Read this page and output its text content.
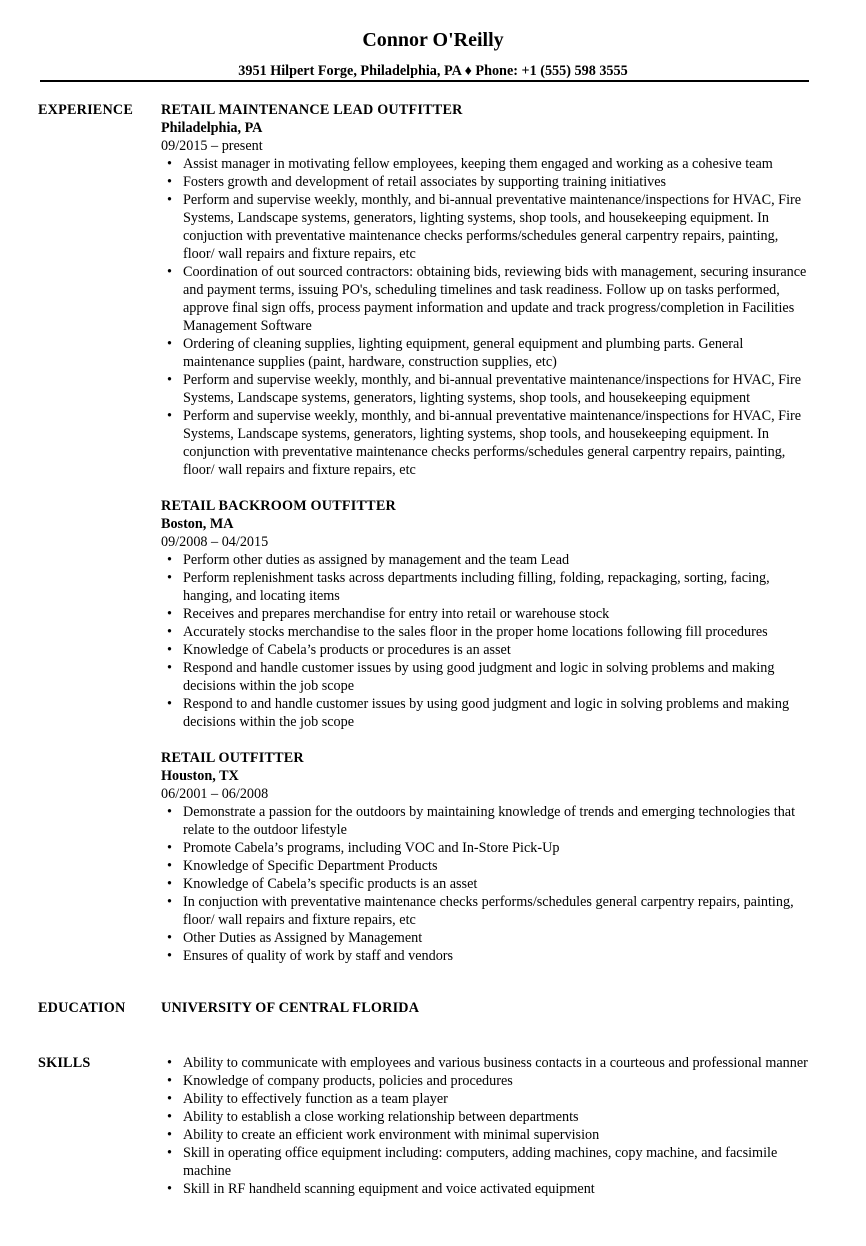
Connor O'Reilly
3951 Hilpert Forge, Philadelphia, PA ♦ Phone: +1 (555) 598 3555
EXPERIENCE RETAIL MAINTENANCE LEAD OUTFITTER
Philadelphia, PA
09/2015 – present
• Assist manager in motivating fellow employees, keeping them engaged and working as a cohesive team
• Fosters growth and development of retail associates by supporting training initiatives
• Perform and supervise weekly, monthly, and bi-annual preventative maintenance/inspections for HVAC, Fire Systems, Landscape systems, generators, lighting systems, shop tools, and housekeeping equipment. In conjuction with preventative maintenance checks performs/schedules general carpentry repairs, painting, floor/ wall repairs and fixture repairs, etc
• Coordination of out sourced contractors: obtaining bids, reviewing bids with management, securing insurance and payment terms, issuing PO's, scheduling timelines and task readiness. Follow up on tasks performed, approve final sign offs, process payment information and update and track progress/completion in Facilities Management Software
• Ordering of cleaning supplies, lighting equipment, general equipment and plumbing parts. General maintenance supplies (paint, hardware, construction supplies, etc)
• Perform and supervise weekly, monthly, and bi-annual preventative maintenance/inspections for HVAC, Fire Systems, Landscape systems, generators, lighting systems, shop tools, and housekeeping equipment
• Perform and supervise weekly, monthly, and bi-annual preventative maintenance/inspections for HVAC, Fire Systems, Landscape systems, generators, lighting systems, shop tools, and housekeeping equipment. In conjunction with preventative maintenance checks performs/schedules general carpentry repairs, painting, floor/ wall repairs and fixture repairs, etc
RETAIL BACKROOM OUTFITTER
Boston, MA
09/2008 – 04/2015
• Perform other duties as assigned by management and the team Lead
• Perform replenishment tasks across departments including filling, folding, repackaging, sorting, facing, hanging, and locating items
• Receives and prepares merchandise for entry into retail or warehouse stock
• Accurately stocks merchandise to the sales floor in the proper home locations following fill procedures
• Knowledge of Cabela’s products or procedures is an asset
• Respond and handle customer issues by using good judgment and logic in solving problems and making decisions within the job scope
• Respond to and handle customer issues by using good judgment and logic in solving problems and making decisions within the job scope
RETAIL OUTFITTER
Houston, TX
06/2001 – 06/2008
• Demonstrate a passion for the outdoors by maintaining knowledge of trends and emerging technologies that relate to the outdoor lifestyle
• Promote Cabela’s programs, including VOC and In-Store Pick-Up
• Knowledge of Specific Department Products
• Knowledge of Cabela’s specific products is an asset
• In conjuction with preventative maintenance checks performs/schedules general carpentry repairs, painting, floor/ wall repairs and fixture repairs, etc
• Other Duties as Assigned by Management
• Ensures of quality of work by staff and vendors
EDUCATION	UNIVERSITY OF CENTRAL FLORIDA
SKILLS
•	Ability to communicate with employees and various business contacts in a courteous and professional manner
• Knowledge of company products, policies and procedures
• Ability to effectively function as a team player
• Ability to establish a close working relationship between departments
• Ability to create an efficient work environment with minimal supervision
• Skill in operating office equipment including: computers, adding machines, copy machine, and facsimile machine
• Skill in RF handheld scanning equipment and voice activated equipment
